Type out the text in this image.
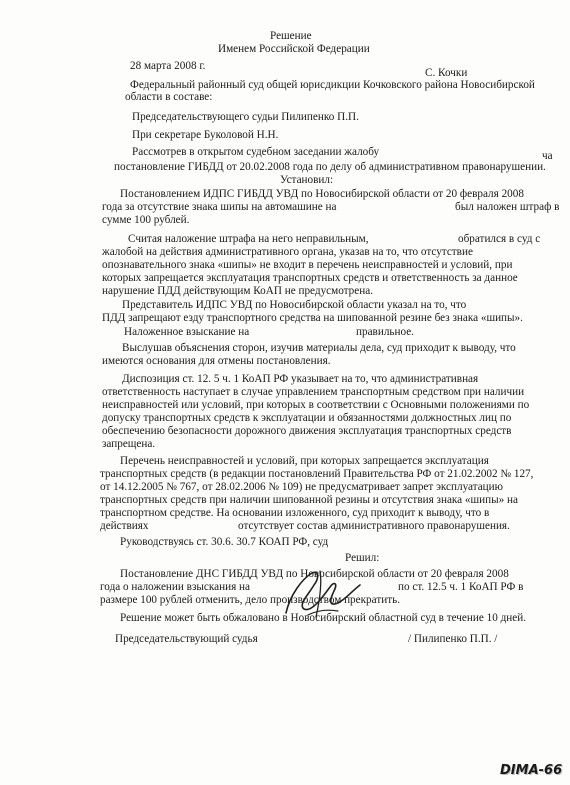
Решение
Именем Российской Федерации
28 марта 2008 г.
С. Кочки
Федеральный районный суд общей юрисдикции Кочковского района Новосибирской
области в составе:
Председательствующего судьи Пилипенко П.П.
При секретаре Буколовой Н.Н.
Рассмотрев в открытом судебном заседании жалобу	ча
постановление ГИБДД от 20.02.2008 года по делу об административном правонарушении.
Установил:
Постановлением ИДПС ГИБДД УВД по Новосибирской области от 20 февраля 2008
года за отсутствие знака шипы на автомашине на	был наложен штраф в
сумме 100 рублей.
Считая наложение штрафа на него неправильным,	обратился в суд с
жалобой на действия административного органа, указав на то, что отсутствие
опознавательного знака «шипы» не входит в перечень неисправностей и условий, при
которых запрещается эксплуатация транспортных средств и ответственность за данное
нарушение ПДД действующим КоАП не предусмотрена.
Представитель ИДПС УВД по Новосибирской области указал на то, что
ПДД запрещают езду транспортного средства на шипованной резине без знака «шипы».
Наложенное взыскание на	правильное.
Выслушав объяснения сторон, изучив материалы дела, суд приходит к выводу, что
имеются основания для отмены постановления.
Диспозиция ст. 12. 5 ч. 1 КоАП РФ указывает на то, что административная
ответственность наступает в случае управлением транспортным средством при наличии
неисправностей или условий, при которых в соответствии с Основными положениями по
допуску транспортных средств к эксплуатации и обязанностями должностных лиц по
обеспечению безопасности дорожного движения эксплуатация транспортных средств
запрещена.
Перечень неисправностей и условий, при которых запрещается эксплуатация
транспортных средств (в редакции постановлений Правительства РФ от 21.02.2002 № 127,
от 14.12.2005 № 767, от 28.02.2006 № 109) не предусматривает запрет эксплуатацию
транспортных средств при наличии шипованной резины и отсутствия знака «шипы» на
транспортном средстве. На основании изложенного, суд приходит к выводу, что в
действиях	отсутствует состав административного правонарушения.
Руководствуясь ст. 30.6. 30.7 КОАП РФ, суд
Решил:
Постановление ДНС ГИБДД УВД по Новосибирской области от 20 февраля 2008
года о наложении взыскания на	по ст. 12.5 ч. 1 КоАП РФ в
размере 100 рублей отменить, дело производством прекратить.
Решение может быть обжаловано в Новосибирский областной суд в течение 10 дней.
Председательствующий судья	/ Пилипенко П.П. /
DIMA-66
